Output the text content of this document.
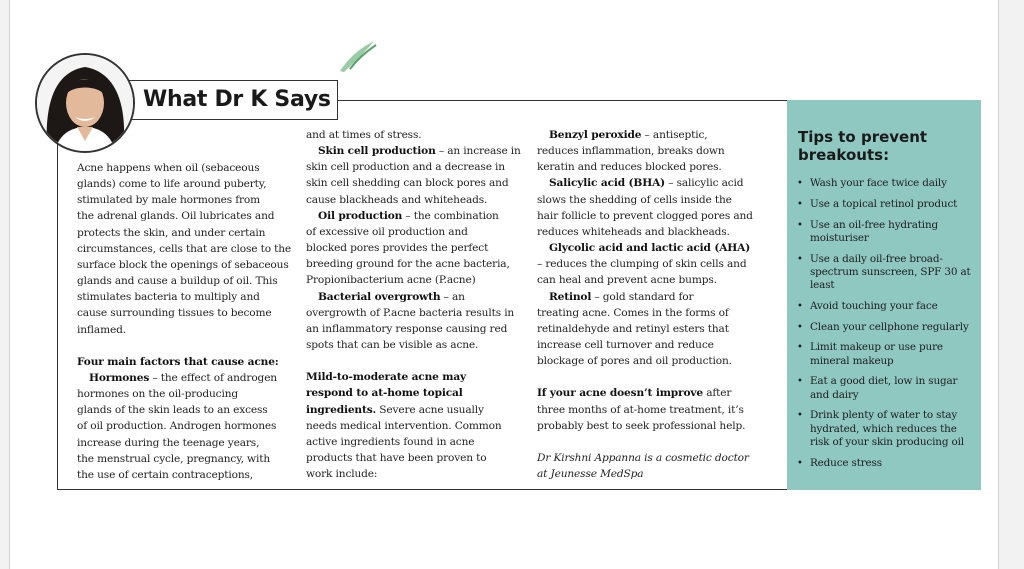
What Dr K Says

Acne happens when oil (sebaceous

glands) come to life around puberty,

stimulated by male hormones from

the adrenal glands. Oil lubricates and

protects the skin, and under certain

circumstances, cells that are close to the

surface block the openings of sebaceous

glands and cause a buildup of oil. This

stimulates bacteria to multiply and

cause surrounding tissues to become

inflamed.

Four main factors that cause acne:

Hormones – the effect of androgen

hormones on the oil-producing

glands of the skin leads to an excess

of oil production. Androgen hormones

increase during the teenage years,

the menstrual cycle, pregnancy, with

the use of certain contraceptions,

and at times of stress.

Skin cell production – an increase in

skin cell production and a decrease in

skin cell shedding can block pores and

cause blackheads and whiteheads.

Oil production – the combination

of excessive oil production and

blocked pores provides the perfect

breeding ground for the acne bacteria,

Propionibacterium acne (P.acne)

Bacterial overgrowth – an

overgrowth of P.acne bacteria results in

an inflammatory response causing red

spots that can be visible as acne.

Mild-to-moderate acne may

respond to at-home topical

ingredients. Severe acne usually

needs medical intervention. Common

active ingredients found in acne

products that have been proven to

work include:

Benzyl peroxide – antiseptic,

reduces inflammation, breaks down

keratin and reduces blocked pores.

Salicylic acid (BHA) – salicylic acid

slows the shedding of cells inside the

hair follicle to prevent clogged pores and

reduces whiteheads and blackheads.

Glycolic acid and lactic acid (AHA)

– reduces the clumping of skin cells and

can heal and prevent acne bumps.

Retinol – gold standard for

treating acne. Comes in the forms of

retinaldehyde and retinyl esters that

increase cell turnover and reduce

blockage of pores and oil production.

If your acne doesn’t improve after

three months of at-home treatment, it’s

probably best to seek professional help.

Dr Kirshni Appanna is a cosmetic doctor

at Jeunesse MedSpa

Tips to prevent breakouts:
• Wash your face twice daily
• Use a topical retinol product
• Use an oil-free hydrating moisturiser
• Use a daily oil-free broad-spectrum sunscreen, SPF 30 at least
• Avoid touching your face
• Clean your cellphone regularly
• Limit makeup or use pure mineral makeup
• Eat a good diet, low in sugar and dairy
• Drink plenty of water to stay hydrated, which reduces the risk of your skin producing oil
• Reduce stress
